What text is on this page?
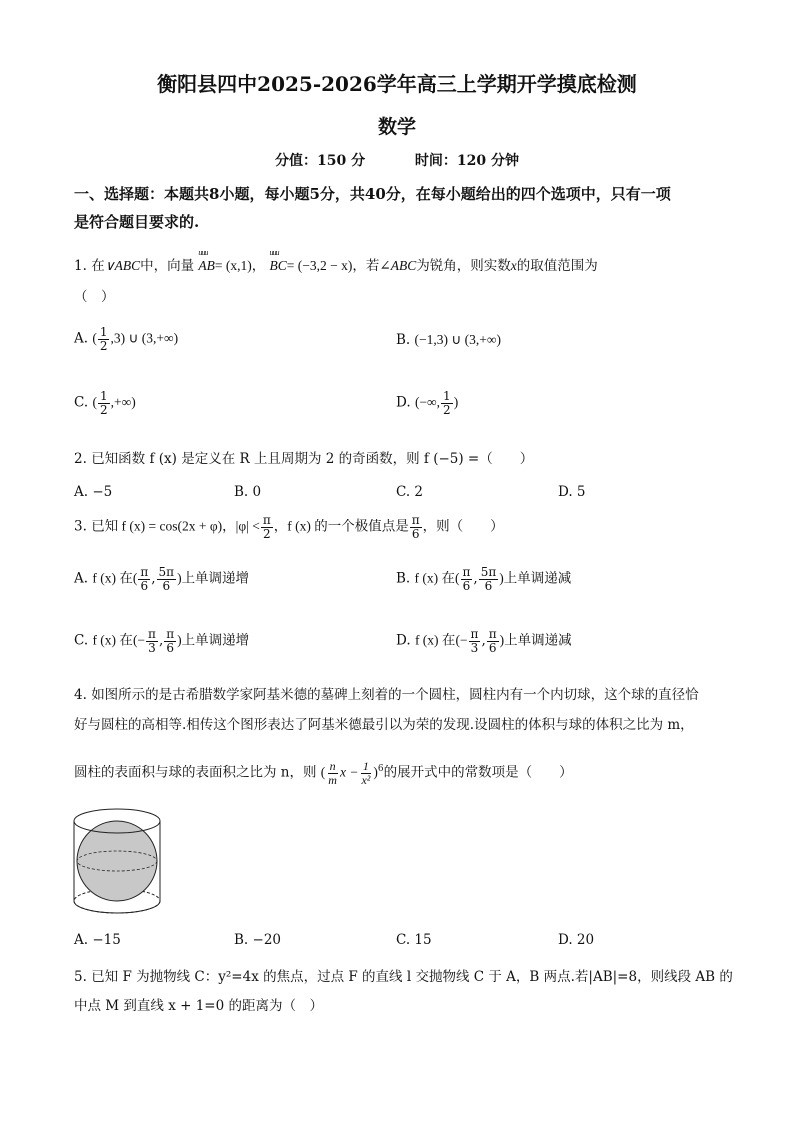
衡阳县四中2025-2026学年高三上学期开学摸底检测
数学
分值：150 分	时间：120 分钟
一、选择题：本题共8小题，每小题5分，共40分，在每小题给出的四个选项中，只有一项
是符合题目要求的.
1. 在∨ABC中，向量
uuu
AB= (x,1)，
uuu
BC= (−3,2 − x)，若∠ABC为锐角，则实数x的取值范围为
（　）
A. ( $\frac{1}{2} ,3$) ∪ (3,+∞)	B. (−1,3) ∪ (3,+∞)
C. ( $\frac{1}{2}$ ,+∞)	D. (−∞, $\frac{1}{2}$ )
2. 已知函数 f (x) 是定义在 R 上且周期为 2 的奇函数，则 f (−5) =（　　）
A. −5	B. 0	C. 2	D. 5
3. 已知 f (x) = cos(2x + φ)，$|\varphi| < \frac{\pi}{2}$ ，f (x) 的一个极值点是 $\frac{\pi}{6}$ ，则（　　）
A. f (x) 在( $\frac{\pi}{6}$ , $\frac{5\pi}{6}$ )上单调递增	B. f (x) 在( $\frac{\pi}{6}$ , $\frac{5\pi}{6}$ )上单调递减
C. f (x) 在(− $\frac{\pi}{3}$ , $\frac{\pi}{6}$ )上单调递增	D. f (x) 在(− $\frac{\pi}{3}$ , $\frac{\pi}{6}$ )上单调递减
4. 如图所示的是古希腊数学家阿基米德的墓碑上刻着的一个圆柱，圆柱内有一个内切球，这个球的直径恰
好与圆柱的高相等.相传这个图形表达了阿基米德最引以为荣的发现.设圆柱的体积与球的体积之比为 m，
圆柱的表面积与球的表面积之比为 n，则 ( $\frac{n}{m}$ $x - \frac{1}{\text{x²}} )^6$的展开式中的常数项是（　　）
A. −15	B. −20	C. 15	D. 20
5. 已知 F 为抛物线 C：y²=4x 的焦点，过点 F 的直线 l 交抛物线 C 于 A，B 两点.若|AB|=8，则线段 AB 的
中点 M 到直线 x + 1=0 的距离为（　）
